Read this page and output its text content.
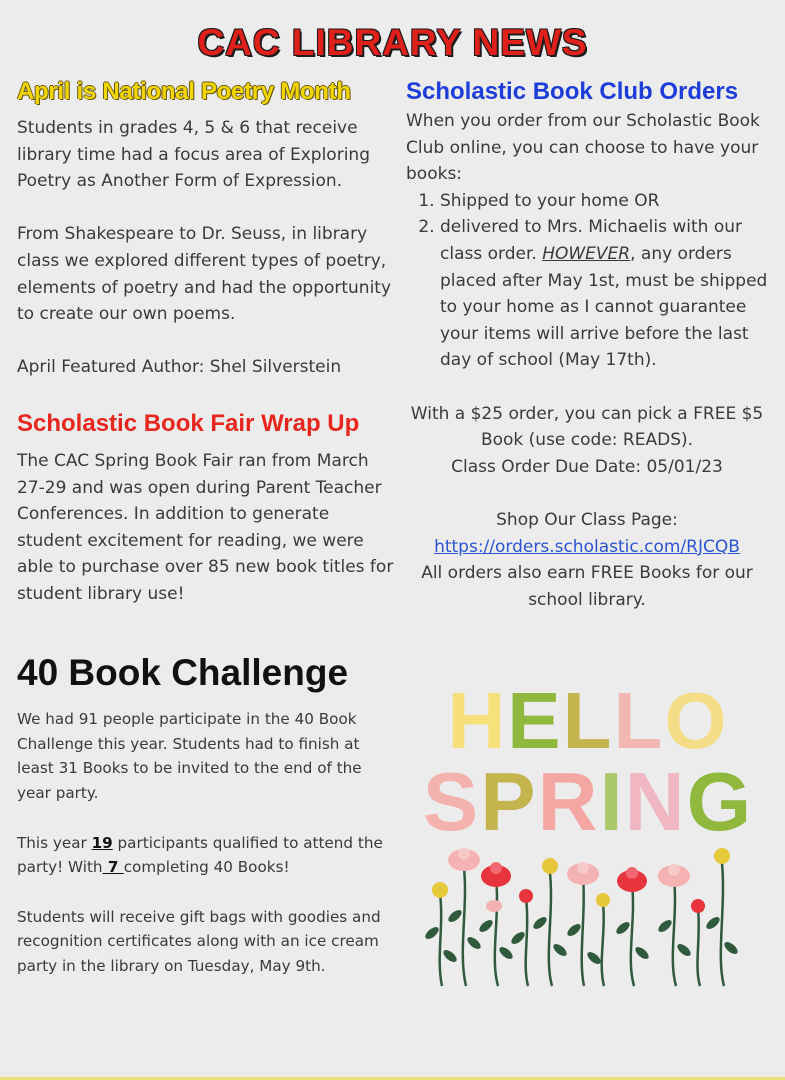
CAC LIBRARY NEWS
April is National Poetry Month

Students in grades 4, 5 & 6 that receive library time had a focus area of Exploring Poetry as Another Form of Expression.

From Shakespeare to Dr. Seuss, in library class we explored different types of poetry, elements of poetry and had the opportunity to create our own poems.

April Featured Author: Shel Silverstein

Scholastic Book Fair Wrap Up

The CAC Spring Book Fair ran from March 27-29 and was open during Parent Teacher Conferences. In addition to generate student excitement for reading, we were able to purchase over 85 new book titles for student library use!

40 Book Challenge

We had 91 people participate in the 40 Book Challenge this year. Students had to finish at least 31 Books to be invited to the end of the year party.

This year 19 participants qualified to attend the party! With 7 completing 40 Books!

Students will receive gift bags with goodies and recognition certificates along with an ice cream party in the library on Tuesday, May 9th.

Scholastic Book Club Orders

When you order from our Scholastic Book Club online, you can choose to have your books:

1. Shipped to your home OR
2. delivered to Mrs. Michaelis with our class order. HOWEVER, any orders placed after May 1st, must be shipped to your home as I cannot guarantee your items will arrive before the last day of school (May 17th).

With a $25 order, you can pick a FREE $5 Book (use code: READS).

Class Order Due Date: 05/01/23

Shop Our Class Page:

https://orders.scholastic.com/RJCQB

All orders also earn FREE Books for our school library.

HELLO
SPRING
